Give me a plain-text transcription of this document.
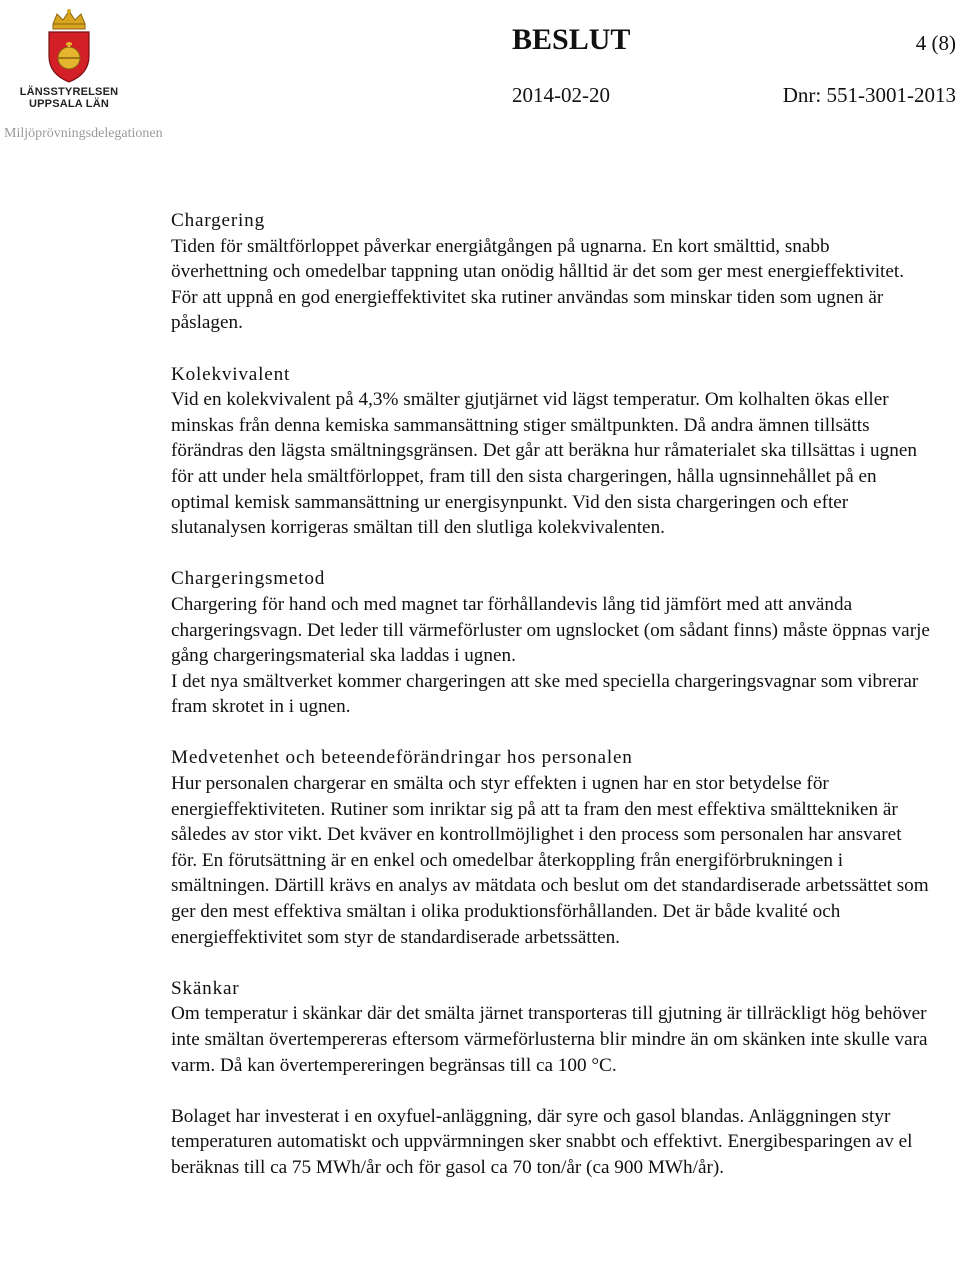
LÄNSSTYRELSEN
UPPSALA LÄN
Miljöprövningsdelegationen
BESLUT	4 (8)
2014-02-20	Dnr: 551-3001-2013
Chargering

Tiden för smältförloppet påverkar energiåtgången på ugnarna. En kort smälttid, snabb överhettning och omedelbar tappning utan onödig hålltid är det som ger mest energieffektivitet. För att uppnå en god energieffektivitet ska rutiner användas som minskar tiden som ugnen är påslagen.

Kolekvivalent

Vid en kolekvivalent på 4,3% smälter gjutjärnet vid lägst temperatur. Om kolhalten ökas eller minskas från denna kemiska sammansättning stiger smältpunkten. Då andra ämnen tillsätts förändras den lägsta smältningsgränsen. Det går att beräkna hur råmaterialet ska tillsättas i ugnen för att under hela smältförloppet, fram till den sista chargeringen, hålla ugnsinnehållet på en optimal kemisk sammansättning ur energisynpunkt. Vid den sista chargeringen och efter slutanalysen korrigeras smältan till den slutliga kolekvivalenten.

Chargeringsmetod

Chargering för hand och med magnet tar förhållandevis lång tid jämfört med att använda chargeringsvagn. Det leder till värmeförluster om ugnslocket (om sådant finns) måste öppnas varje gång chargeringsmaterial ska laddas i ugnen.

I det nya smältverket kommer chargeringen att ske med speciella chargeringsvagnar som vibrerar fram skrotet in i ugnen.

Medvetenhet och beteendeförändringar hos personalen

Hur personalen chargerar en smälta och styr effekten i ugnen har en stor betydelse för energieffektiviteten. Rutiner som inriktar sig på att ta fram den mest effektiva smälttekniken är således av stor vikt. Det kväver en kontrollmöjlighet i den process som personalen har ansvaret för. En förutsättning är en enkel och omedelbar återkoppling från energiförbrukningen i smältningen. Därtill krävs en analys av mätdata och beslut om det standardiserade arbetssättet som ger den mest effektiva smältan i olika produktionsförhållanden. Det är både kvalité och energieffektivitet som styr de standardiserade arbetssätten.

Skänkar

Om temperatur i skänkar där det smälta järnet transporteras till gjutning är tillräckligt hög behöver inte smältan övertempereras eftersom värmeförlusterna blir mindre än om skänken inte skulle vara varm. Då kan övertempereringen begränsas till ca 100 °C.

Bolaget har investerat i en oxyfuel-anläggning, där syre och gasol blandas. Anläggningen styr temperaturen automatiskt och uppvärmningen sker snabbt och effektivt. Energibesparingen av el beräknas till ca 75 MWh/år och för gasol ca 70 ton/år (ca 900 MWh/år).
